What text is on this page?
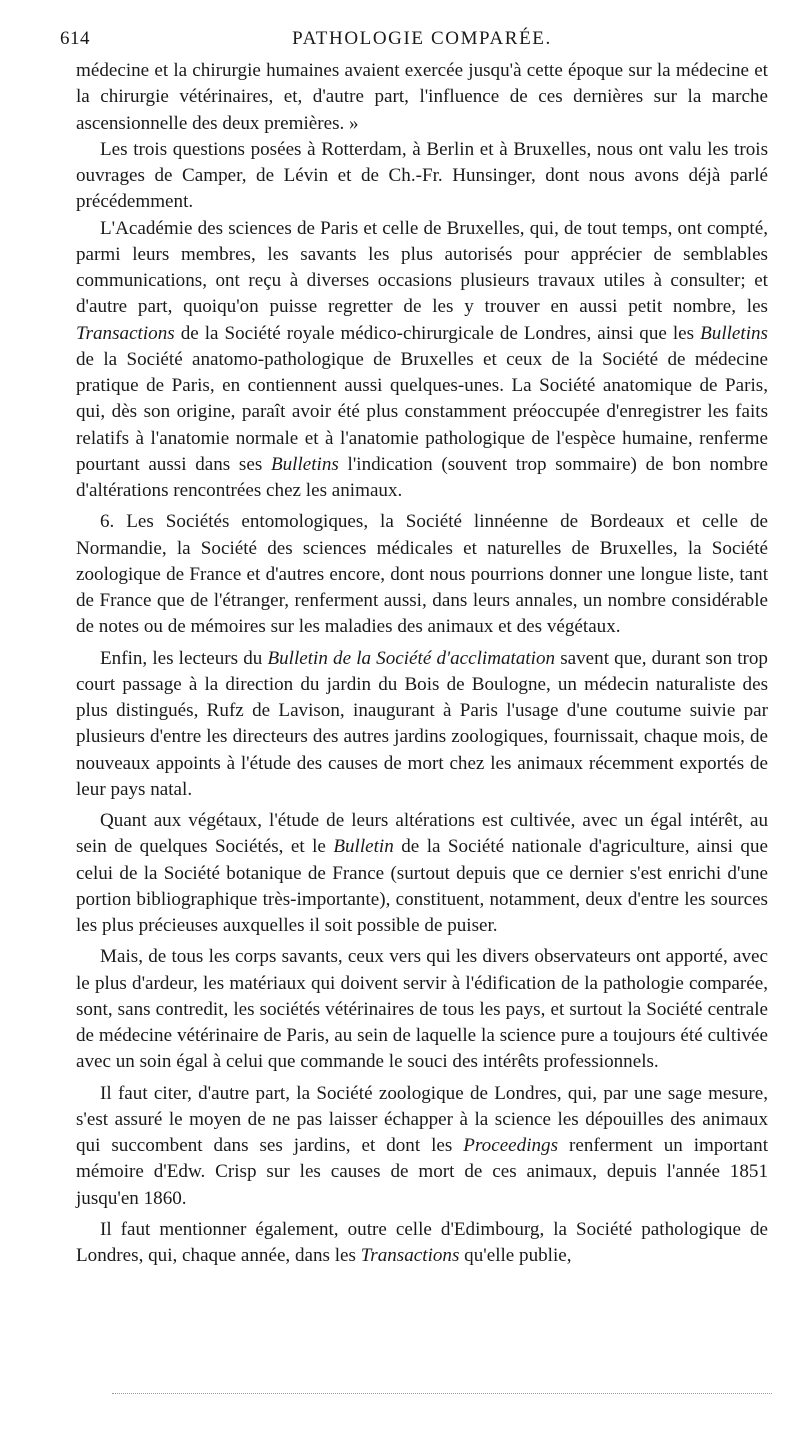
614	PATHOLOGIE COMPARÉE.

médecine et la chirurgie humaines avaient exercée jusqu'à cette époque sur la médecine et la chirurgie vétérinaires, et, d'autre part, l'influence de ces dernières sur la marche ascensionnelle des deux premières. »

Les trois questions posées à Rotterdam, à Berlin et à Bruxelles, nous ont valu les trois ouvrages de Camper, de Lévin et de Ch.-Fr. Hunsinger, dont nous avons déjà parlé précédemment.

L'Académie des sciences de Paris et celle de Bruxelles, qui, de tout temps, ont compté, parmi leurs membres, les savants les plus autorisés pour apprécier de semblables communications, ont reçu à diverses occasions plusieurs travaux utiles à consulter; et d'autre part, quoiqu'on puisse regretter de les y trouver en aussi petit nombre, les Transactions de la Société royale médico-chirurgicale de Londres, ainsi que les Bulletins de la Société anatomo-pathologique de Bruxelles et ceux de la Société de médecine pratique de Paris, en contiennent aussi quelques-unes. La Société anatomique de Paris, qui, dès son origine, paraît avoir été plus constamment préoccupée d'enregistrer les faits relatifs à l'anatomie normale et à l'anatomie pathologique de l'espèce humaine, renferme pourtant aussi dans ses Bulletins l'indication (souvent trop sommaire) de bon nombre d'altérations rencontrées chez les animaux.

6. Les Sociétés entomologiques, la Société linnéenne de Bordeaux et celle de Normandie, la Société des sciences médicales et naturelles de Bruxelles, la Société zoologique de France et d'autres encore, dont nous pourrions donner une longue liste, tant de France que de l'étranger, renferment aussi, dans leurs annales, un nombre considérable de notes ou de mémoires sur les maladies des animaux et des végétaux.

Enfin, les lecteurs du Bulletin de la Société d'acclimatation savent que, durant son trop court passage à la direction du jardin du Bois de Boulogne, un médecin naturaliste des plus distingués, Rufz de Lavison, inaugurant à Paris l'usage d'une coutume suivie par plusieurs d'entre les directeurs des autres jardins zoologiques, fournissait, chaque mois, de nouveaux appoints à l'étude des causes de mort chez les animaux récemment exportés de leur pays natal.

Quant aux végétaux, l'étude de leurs altérations est cultivée, avec un égal intérêt, au sein de quelques Sociétés, et le Bulletin de la Société nationale d'agriculture, ainsi que celui de la Société botanique de France (surtout depuis que ce dernier s'est enrichi d'une portion bibliographique très-importante), constituent, notamment, deux d'entre les sources les plus précieuses auxquelles il soit possible de puiser.

Mais, de tous les corps savants, ceux vers qui les divers observateurs ont apporté, avec le plus d'ardeur, les matériaux qui doivent servir à l'édification de la pathologie comparée, sont, sans contredit, les sociétés vétérinaires de tous les pays, et surtout la Société centrale de médecine vétérinaire de Paris, au sein de laquelle la science pure a toujours été cultivée avec un soin égal à celui que commande le souci des intérêts professionnels.

Il faut citer, d'autre part, la Société zoologique de Londres, qui, par une sage mesure, s'est assuré le moyen de ne pas laisser échapper à la science les dépouilles des animaux qui succombent dans ses jardins, et dont les Proceedings renferment un important mémoire d'Edw. Crisp sur les causes de mort de ces animaux, depuis l'année 1851 jusqu'en 1860.

Il faut mentionner également, outre celle d'Edimbourg, la Société pathologique de Londres, qui, chaque année, dans les Transactions qu'elle publie,
